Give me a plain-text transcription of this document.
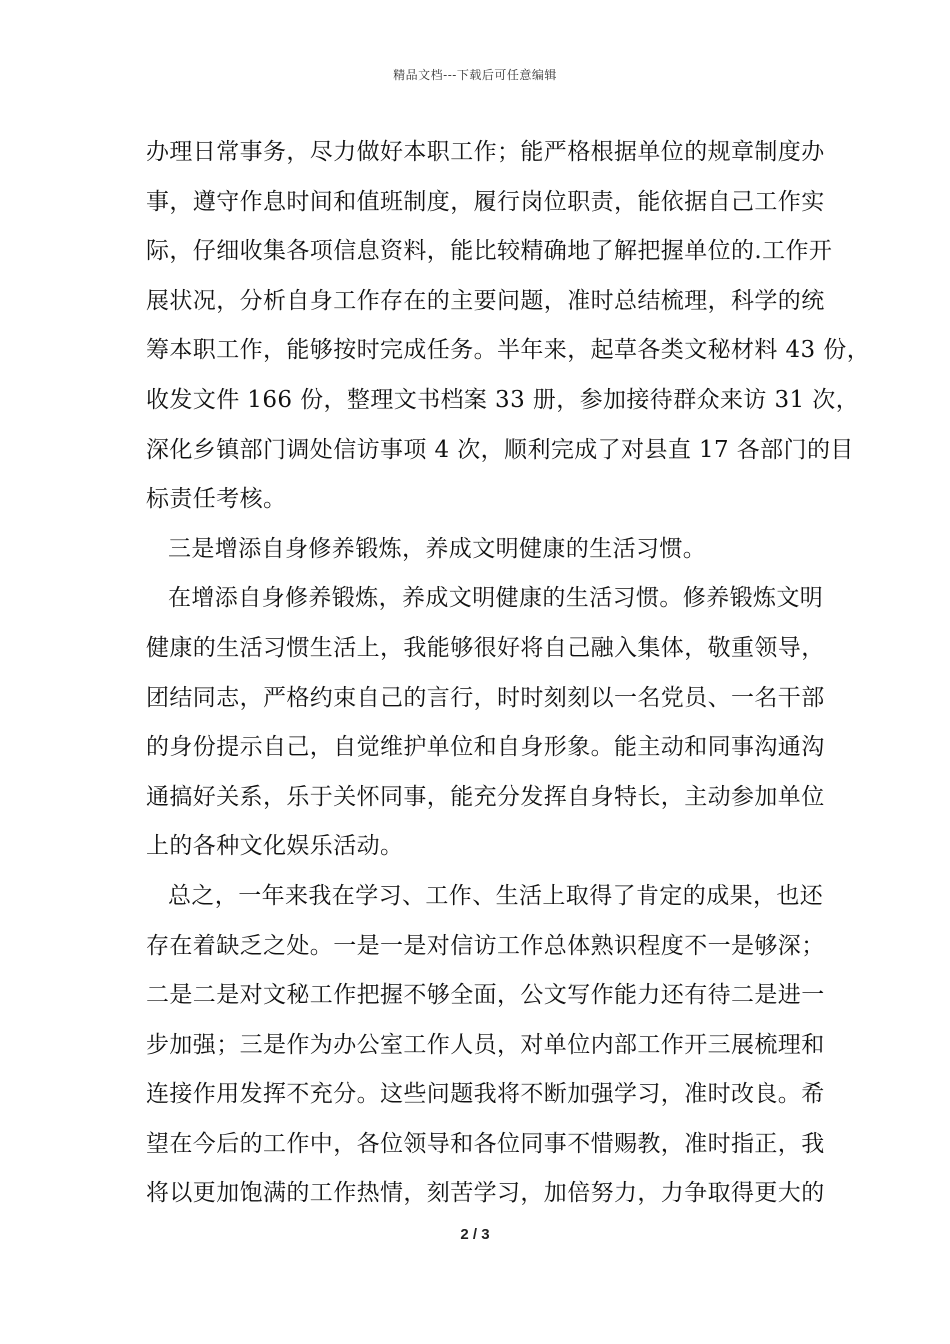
精品文档---下载后可任意编辑
办理日常事务，尽力做好本职工作；能严格根据单位的规章制度办
事，遵守作息时间和值班制度，履行岗位职责，能依据自己工作实
际，仔细收集各项信息资料，能比较精确地了解把握单位的.工作开
展状况，分析自身工作存在的主要问题，准时总结梳理，科学的统
筹本职工作，能够按时完成任务。半年来，起草各类文秘材料 43 份，
收发文件 166 份，整理文书档案 33 册，参加接待群众来访 31 次，
深化乡镇部门调处信访事项 4 次，顺利完成了对县直 17 各部门的目
标责任考核。
三是增添自身修养锻炼，养成文明健康的生活习惯。
在增添自身修养锻炼，养成文明健康的生活习惯。修养锻炼文明
健康的生活习惯生活上，我能够很好将自己融入集体，敬重领导，
团结同志，严格约束自己的言行，时时刻刻以一名党员、一名干部
的身份提示自己，自觉维护单位和自身形象。能主动和同事沟通沟
通搞好关系，乐于关怀同事，能充分发挥自身特长，主动参加单位
上的各种文化娱乐活动。
总之，一年来我在学习、工作、生活上取得了肯定的成果，也还
存在着缺乏之处。一是一是对信访工作总体熟识程度不一是够深；
二是二是对文秘工作把握不够全面，公文写作能力还有待二是进一
步加强；三是作为办公室工作人员，对单位内部工作开三展梳理和
连接作用发挥不充分。这些问题我将不断加强学习，准时改良。希
望在今后的工作中，各位领导和各位同事不惜赐教，准时指正，我
将以更加饱满的工作热情，刻苦学习，加倍努力，力争取得更大的
2 / 3
